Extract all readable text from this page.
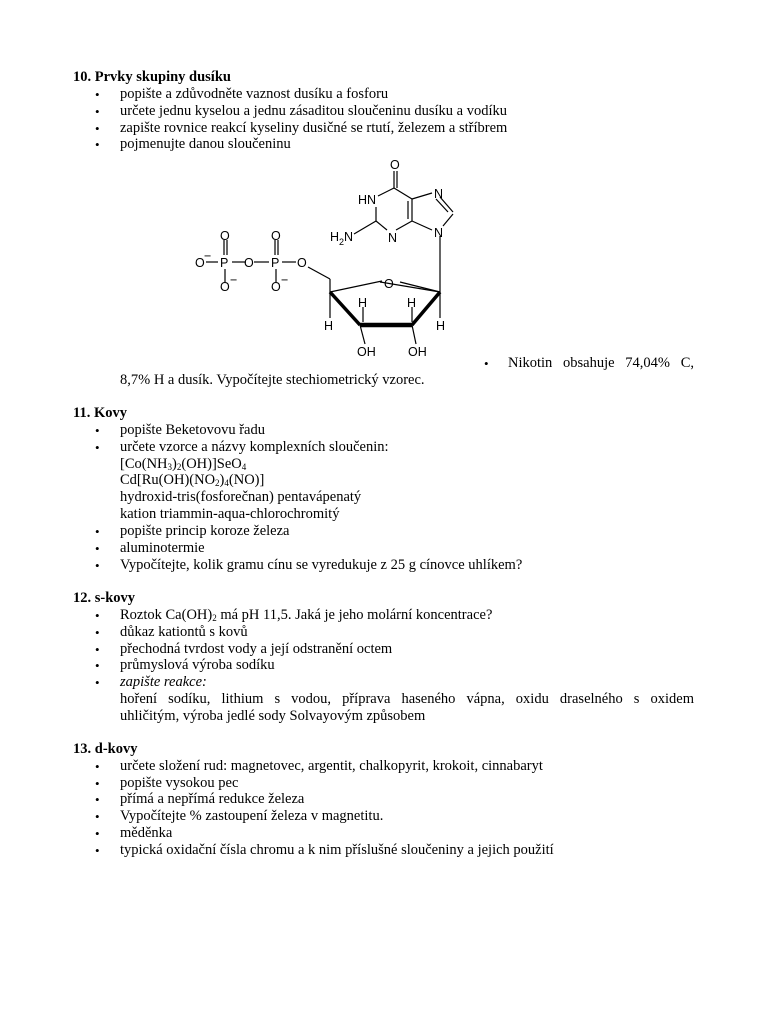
10. Prvky skupiny dusíku
• popište a zdůvodněte vaznost dusíku a fosforu
• určete jednu kyselou a jednu zásaditou sloučeninu dusíku a vodíku
• zapište rovnice reakcí kyseliny dusičné se rtutí, železem a stříbrem
• pojmenujte danou sloučeninu
O
HN	N
N	N
$H_2N$
O
O
O	O
O − P O P
O −	O −
H	H
H	H
OH	OH
• Nikotin obsahuje 74,04% C,
8,7% H a dusík. Vypočítejte stechiometrický vzorec.
11. Kovy
• popište Beketovovu řadu
• určete vzorce a názvy komplexních sloučenin:
$[Co(NH_3)_2(OH)]SeO_4$
$Cd[Ru(OH)(NO_2)_4(NO)]$
hydroxid-tris(fosforečnan) pentavápenatý
kation triammin-aqua-chlorochromitý
• popište princip koroze železa
• aluminotermie
• Vypočítejte, kolik gramu cínu se vyredukuje z 25 g cínovce uhlíkem?
12. s-kovy
• Roztok $Ca(OH)_2$ má pH 11,5. Jaká je jeho molární koncentrace?
• důkaz kationtů s kovů
• přechodná tvrdost vody a její odstranění octem
• průmyslová výroba sodíku
• zapište reakce:
hoření sodíku, lithium s vodou, příprava haseného vápna, oxidu draselného s oxidem
uhličitým, výroba jedlé sody Solvayovým způsobem
13. d-kovy
• určete složení rud: magnetovec, argentit, chalkopyrit, krokoit, cinnabaryt
• popište vysokou pec
• přímá a nepřímá redukce železa
• Vypočítejte % zastoupení železa v magnetitu.
• měděnka
• typická oxidační čísla chromu a k nim příslušné sloučeniny a jejich použití
